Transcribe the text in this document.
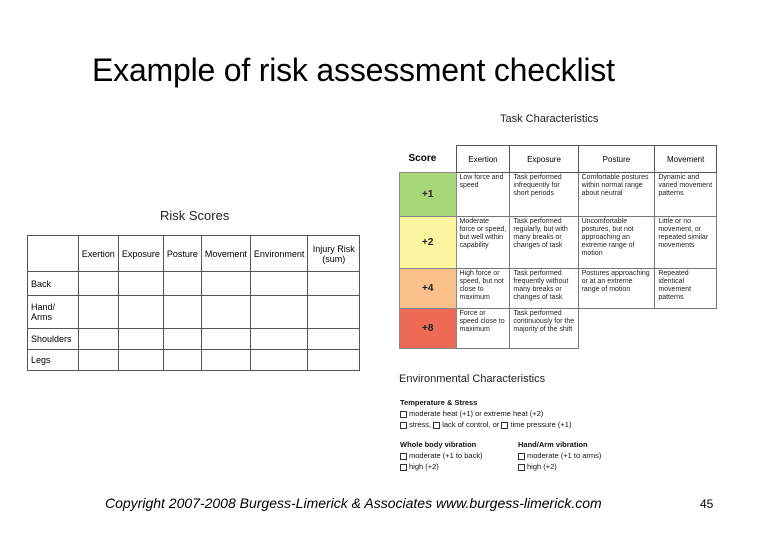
Example of risk assessment checklist
Risk Scores
	Exertion	Exposure	Posture	Movement	Environment	Injury Risk (sum)
Back						
Hand/ Arms						
Shoulders						
Legs						
Task Characteristics
Score	Exertion	Exposure	Posture	Movement
+1	Low force and speed	Task performed infrequently for short periods	Comfortable postures within normal range about neutral	Dynamic and varied movement patterns
+2	Moderate force or speed, but well within capability	Task performed regularly, but with many breaks or changes of task	Uncomfortable postures, but not approaching an extreme range of motion	Little or no movement, or repeated similar movements
+4	High force or speed, but not close to maximum	Task performed frequently without many breaks or changes of task	Postures approaching or at an extreme range of motion	Repeated identical movement patterns
+8	Force or speed close to maximum	Task performed continuously for the majority of the shift		
Environmental Characteristics
Temperature & Stress
moderate heat (+1) or extreme heat (+2)
stress, lack of control, or time pressure (+1)
Whole body vibration
moderate (+1 to back)
high (+2)
Hand/Arm vibration
moderate (+1 to arms)
high (+2)
Copyright 2007-2008 Burgess-Limerick & Associates www.burgess-limerick.com	45
